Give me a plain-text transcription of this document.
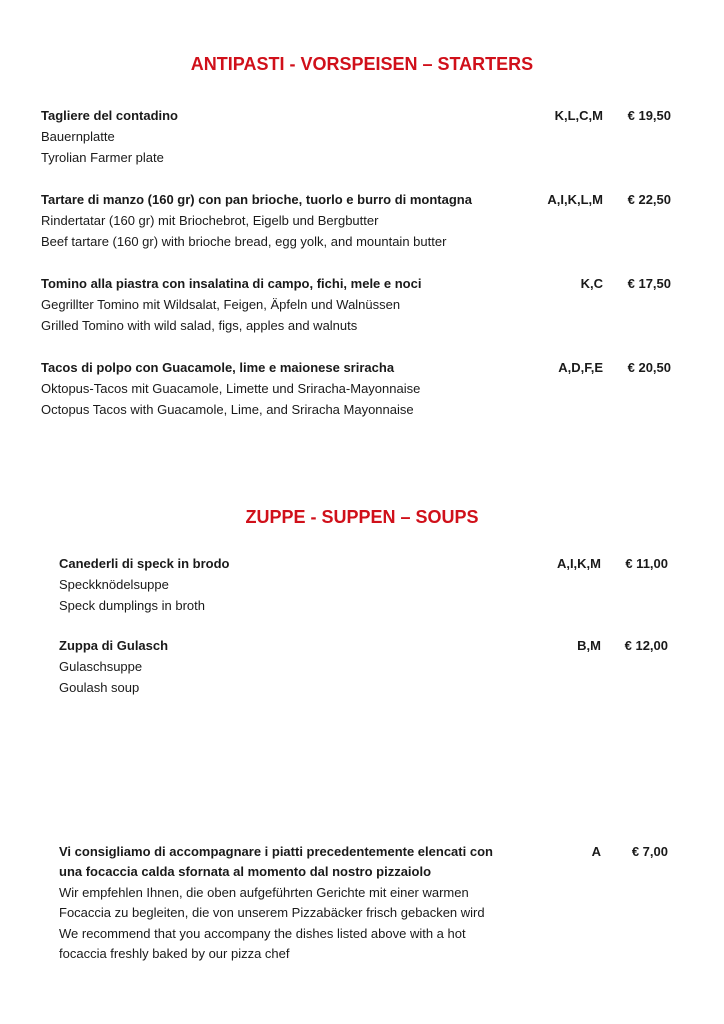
ANTIPASTI - VORSPEISEN – STARTERS
Tagliere del contadino
Bauernplatte
Tyrolian Farmer plate
K,L,C,M € 19,50
Tartare di manzo (160 gr) con pan brioche, tuorlo e burro di montagna
Rindertatar (160 gr) mit Briochebrot, Eigelb und Bergbutter
Beef tartare (160 gr) with brioche bread, egg yolk, and mountain butter
A,I,K,L,M € 22,50
Tomino alla piastra con insalatina di campo, fichi, mele e noci
Gegrillter Tomino mit Wildsalat, Feigen, Äpfeln und Walnüssen
Grilled Tomino with wild salad, figs, apples and walnuts
K,C € 17,50
Tacos di polpo con Guacamole, lime e maionese sriracha
Oktopus-Tacos mit Guacamole, Limette und Sriracha-Mayonnaise
Octopus Tacos with Guacamole, Lime, and Sriracha Mayonnaise
A,D,F,E € 20,50
ZUPPE - SUPPEN – SOUPS
Canederli di speck in brodo
Speckknödelsuppe
Speck dumplings in broth
A,I,K,M € 11,00
Zuppa di Gulasch
Gulaschsuppe
Goulash soup
B,M € 12,00
Vi consigliamo di accompagnare i piatti precedentemente elencati con
una focaccia calda sfornata al momento dal nostro pizzaiolo
Wir empfehlen Ihnen, die oben aufgeführten Gerichte mit einer warmen
Focaccia zu begleiten, die von unserem Pizzabäcker frisch gebacken wird
We recommend that you accompany the dishes listed above with a hot
focaccia freshly baked by our pizza chef
A € 7,00
